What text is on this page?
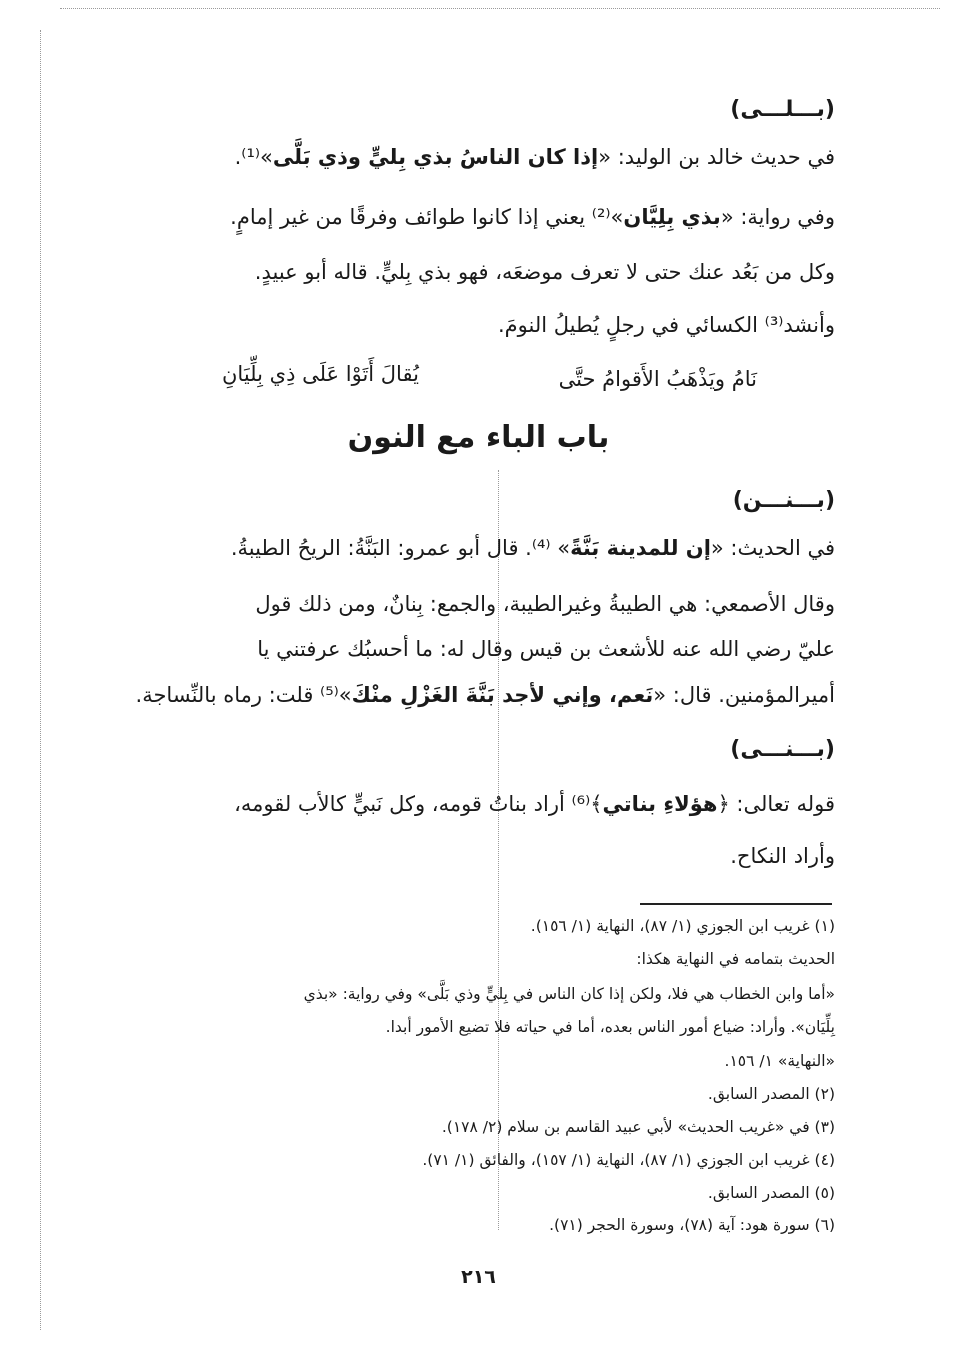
(بـــلـــى)
في حديث خالد بن الوليد: «إذا كان الناسُ بذي بِليٍّ وذي بَلَّى»⁽¹⁾.
وفي رواية: «بذي بِلِيَّان»⁽²⁾ يعني إذا كانوا طوائف وفرقًا من غير إمامٍ.
وكل من بَعُد عنك حتى لا تعرف موضعَه، فهو بذي بِليٍّ. قاله أبو عبيدٍ.
وأنشد⁽³⁾ الكسائي في رجلٍ يُطيلُ النومَ.
نَامُ ويَذْهَبُ الأَقوامُ حتَّى
يُقالَ أَتَوْا عَلَى ذِي بِلِّيَانِ
باب الباء مع النون
(بـــنـــن)
في الحديث: «إن للمدينة بَنَّةً» ⁽⁴⁾. قال أبو عمرو: البَنَّةُ: الريحُ الطيبةُ.
وقال الأصمعي: هي الطيبةُ وغيرالطيبة، والجمع: بِنانٌ، ومن ذلك قول
عليّ رضي الله عنه للأشعث بن قيس وقال له: ما أحسبُك عرفتني يا
أميرالمؤمنين. قال: «نَعم، وإني لأجد بَنَّةَ الغَزْلِ منْكَ»⁽⁵⁾ قلت: رماه بالنِّساجة.
(بـــنـــى)
قوله تعالى: ﴿هؤلاءِ بناتي﴾⁽⁶⁾ أراد بناتُ قومه، وكل نَبيٍّ كالأب لقومه،
وأراد النكاح.
(١) غريب ابن الجوزي (١/ ٨٧)، النهاية (١/ ١٥٦).
الحديث بتمامه في النهاية هكذا:
«أما وابن الخطاب هي فلا، ولكن إذا كان الناس في بِليٍّ وذي بَلَّى» وفي رواية: «بذي
بِلِّيَان». وأراد: ضياع أمور الناس بعده، أما في حياته فلا تضيع الأمور أبدا.
«النهاية» ١/ ١٥٦.
(٢) المصدر السابق.
(٣) في «غريب الحديث» لأبي عبيد القاسم بن سلام (٢/ ١٧٨).
(٤) غريب ابن الجوزي (١/ ٨٧)، النهاية (١/ ١٥٧)، والفائق (١/ ٧١).
(٥) المصدر السابق.
(٦) سورة هود: آية (٧٨)، وسورة الحجر (٧١).
٢١٦
